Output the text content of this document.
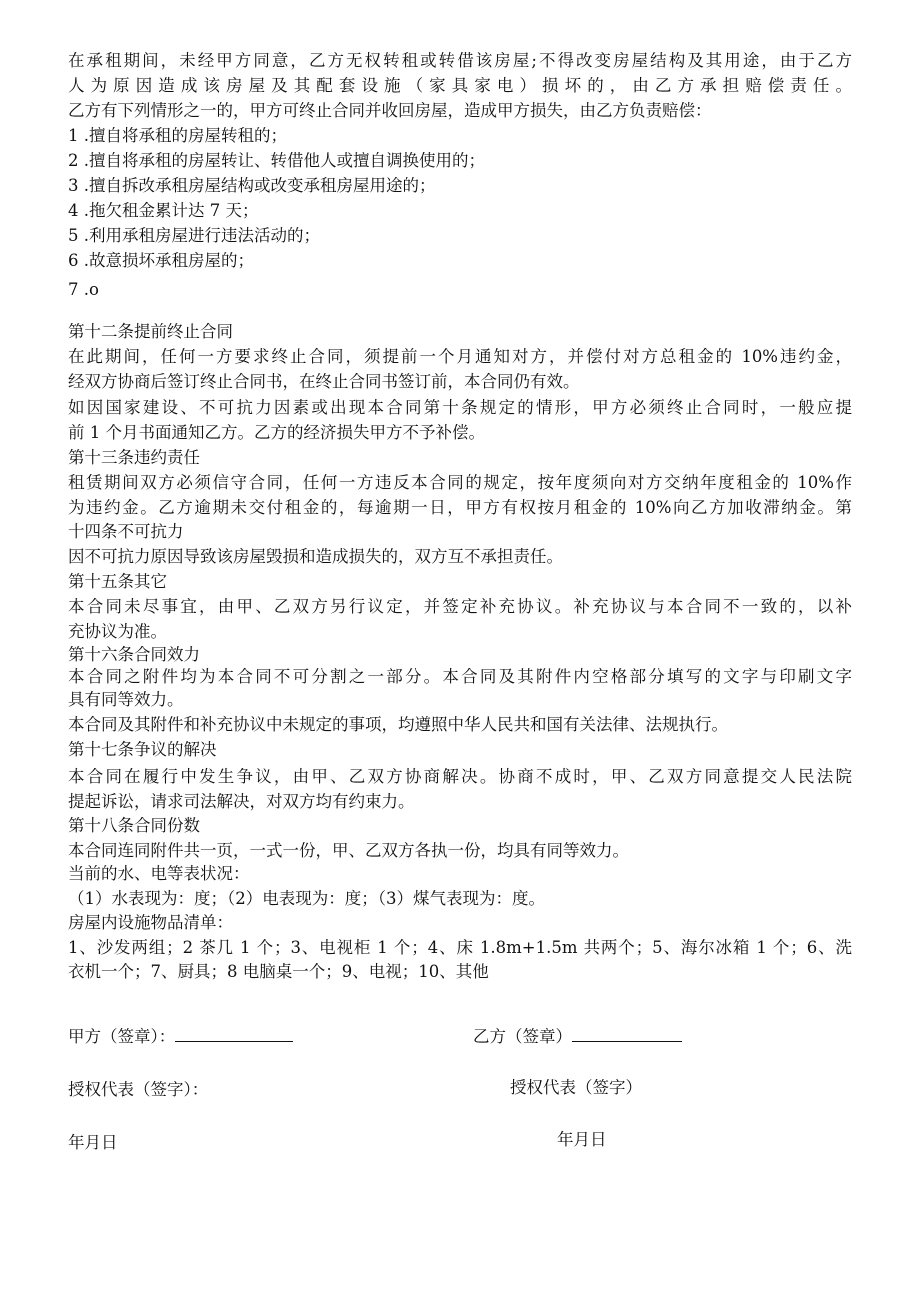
在承租期间，未经甲方同意，乙方无权转租或转借该房屋;不得改变房屋结构及其用途，由于乙方
人为原因造成该房屋及其配套设施（家具家电）损坏的，由乙方承担赔偿责任。
乙方有下列情形之一的，甲方可终止合同并收回房屋，造成甲方损失，由乙方负责赔偿：
1 .擅自将承租的房屋转租的；
2 .擅自将承租的房屋转让、转借他人或擅自调换使用的；
3 .擅自拆改承租房屋结构或改变承租房屋用途的；
4 .拖欠租金累计达 7 天；
5 .利用承租房屋进行违法活动的；
6 .故意损坏承租房屋的；
7 .o
第十二条提前终止合同
在此期间，任何一方要求终止合同，须提前一个月通知对方，并偿付对方总租金的 10%违约金，
经双方协商后签订终止合同书，在终止合同书签订前，本合同仍有效。
如因国家建设、不可抗力因素或出现本合同第十条规定的情形，甲方必须终止合同时，一般应提
前 1 个月书面通知乙方。乙方的经济损失甲方不予补偿。
第十三条违约责任
租赁期间双方必须信守合同，任何一方违反本合同的规定，按年度须向对方交纳年度租金的 10%作
为违约金。乙方逾期未交付租金的，每逾期一日，甲方有权按月租金的 10%向乙方加收滞纳金。第
十四条不可抗力
因不可抗力原因导致该房屋毁损和造成损失的，双方互不承担责任。
第十五条其它
本合同未尽事宜，由甲、乙双方另行议定，并签定补充协议。补充协议与本合同不一致的，以补
充协议为准。
第十六条合同效力
本合同之附件均为本合同不可分割之一部分。本合同及其附件内空格部分填写的文字与印刷文字
具有同等效力。
本合同及其附件和补充协议中未规定的事项，均遵照中华人民共和国有关法律、法规执行。
第十七条争议的解决
本合同在履行中发生争议，由甲、乙双方协商解决。协商不成时，甲、乙双方同意提交人民法院
提起诉讼，请求司法解决，对双方均有约束力。
第十八条合同份数
本合同连同附件共一页，一式一份，甲、乙双方各执一份，均具有同等效力。
当前的水、电等表状况：
（1）水表现为：度；（2）电表现为：度；（3）煤气表现为：度。
房屋内设施物品清单：
1、沙发两组；2 茶几 1 个；3、电视柜 1 个；4、床 1.8m+1.5m 共两个；5、海尔冰箱 1 个；6、洗
衣机一个；7、厨具；8 电脑桌一个；9、电视；10、其他
甲方（签章）：	乙方（签章）
授权代表（签字）：	授权代表（签字）
年月日	年月日
